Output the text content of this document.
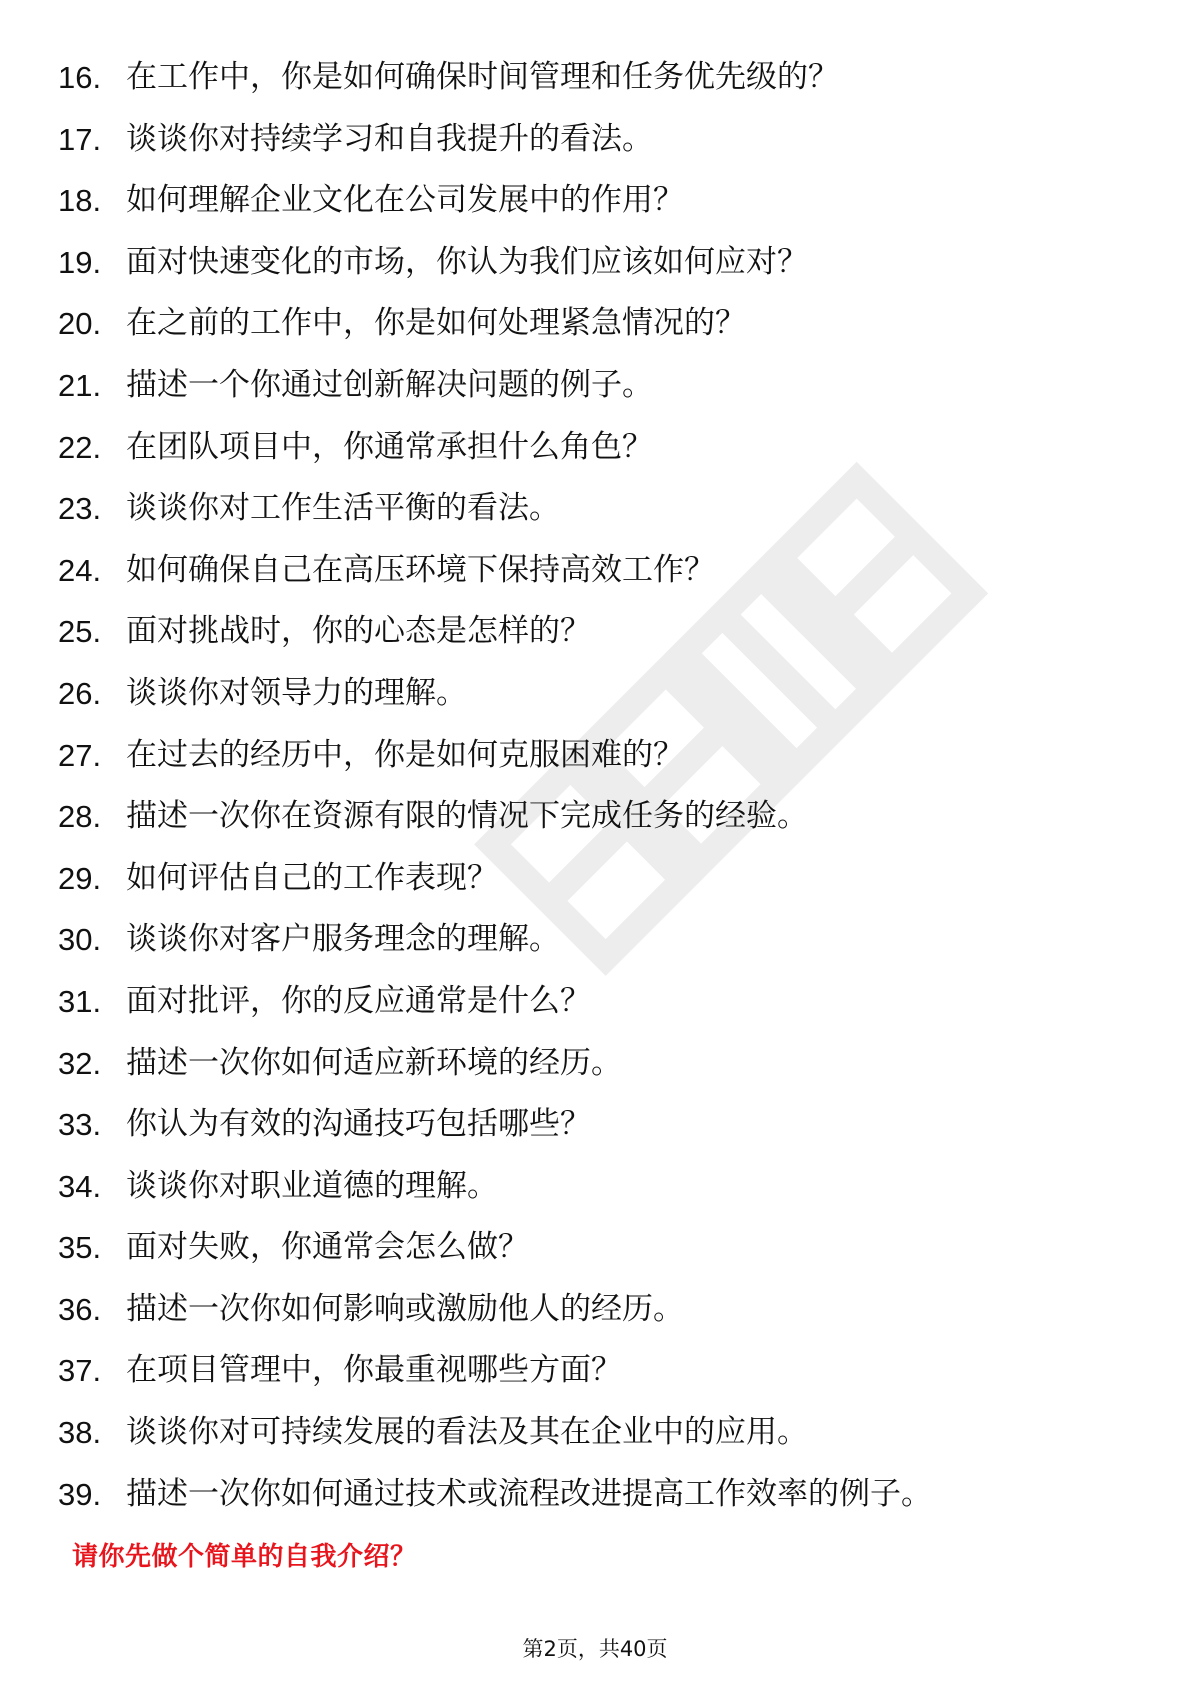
16. 在工作中，你是如何确保时间管理和任务优先级的？
17. 谈谈你对持续学习和自我提升的看法。
18. 如何理解企业文化在公司发展中的作用？
19. 面对快速变化的市场，你认为我们应该如何应对？
20. 在之前的工作中，你是如何处理紧急情况的？
21. 描述一个你通过创新解决问题的例子。
22. 在团队项目中，你通常承担什么角色？
23. 谈谈你对工作生活平衡的看法。
24. 如何确保自己在高压环境下保持高效工作？
25. 面对挑战时，你的心态是怎样的？
26. 谈谈你对领导力的理解。
27. 在过去的经历中，你是如何克服困难的？
28. 描述一次你在资源有限的情况下完成任务的经验。
29. 如何评估自己的工作表现？
30. 谈谈你对客户服务理念的理解。
31. 面对批评，你的反应通常是什么？
32. 描述一次你如何适应新环境的经历。
33. 你认为有效的沟通技巧包括哪些？
34. 谈谈你对职业道德的理解。
35. 面对失败，你通常会怎么做？
36. 描述一次你如何影响或激励他人的经历。
37. 在项目管理中，你最重视哪些方面？
38. 谈谈你对可持续发展的看法及其在企业中的应用。
39. 描述一次你如何通过技术或流程改进提高工作效率的例子。
请你先做个简单的自我介绍？
第2页，共40页
